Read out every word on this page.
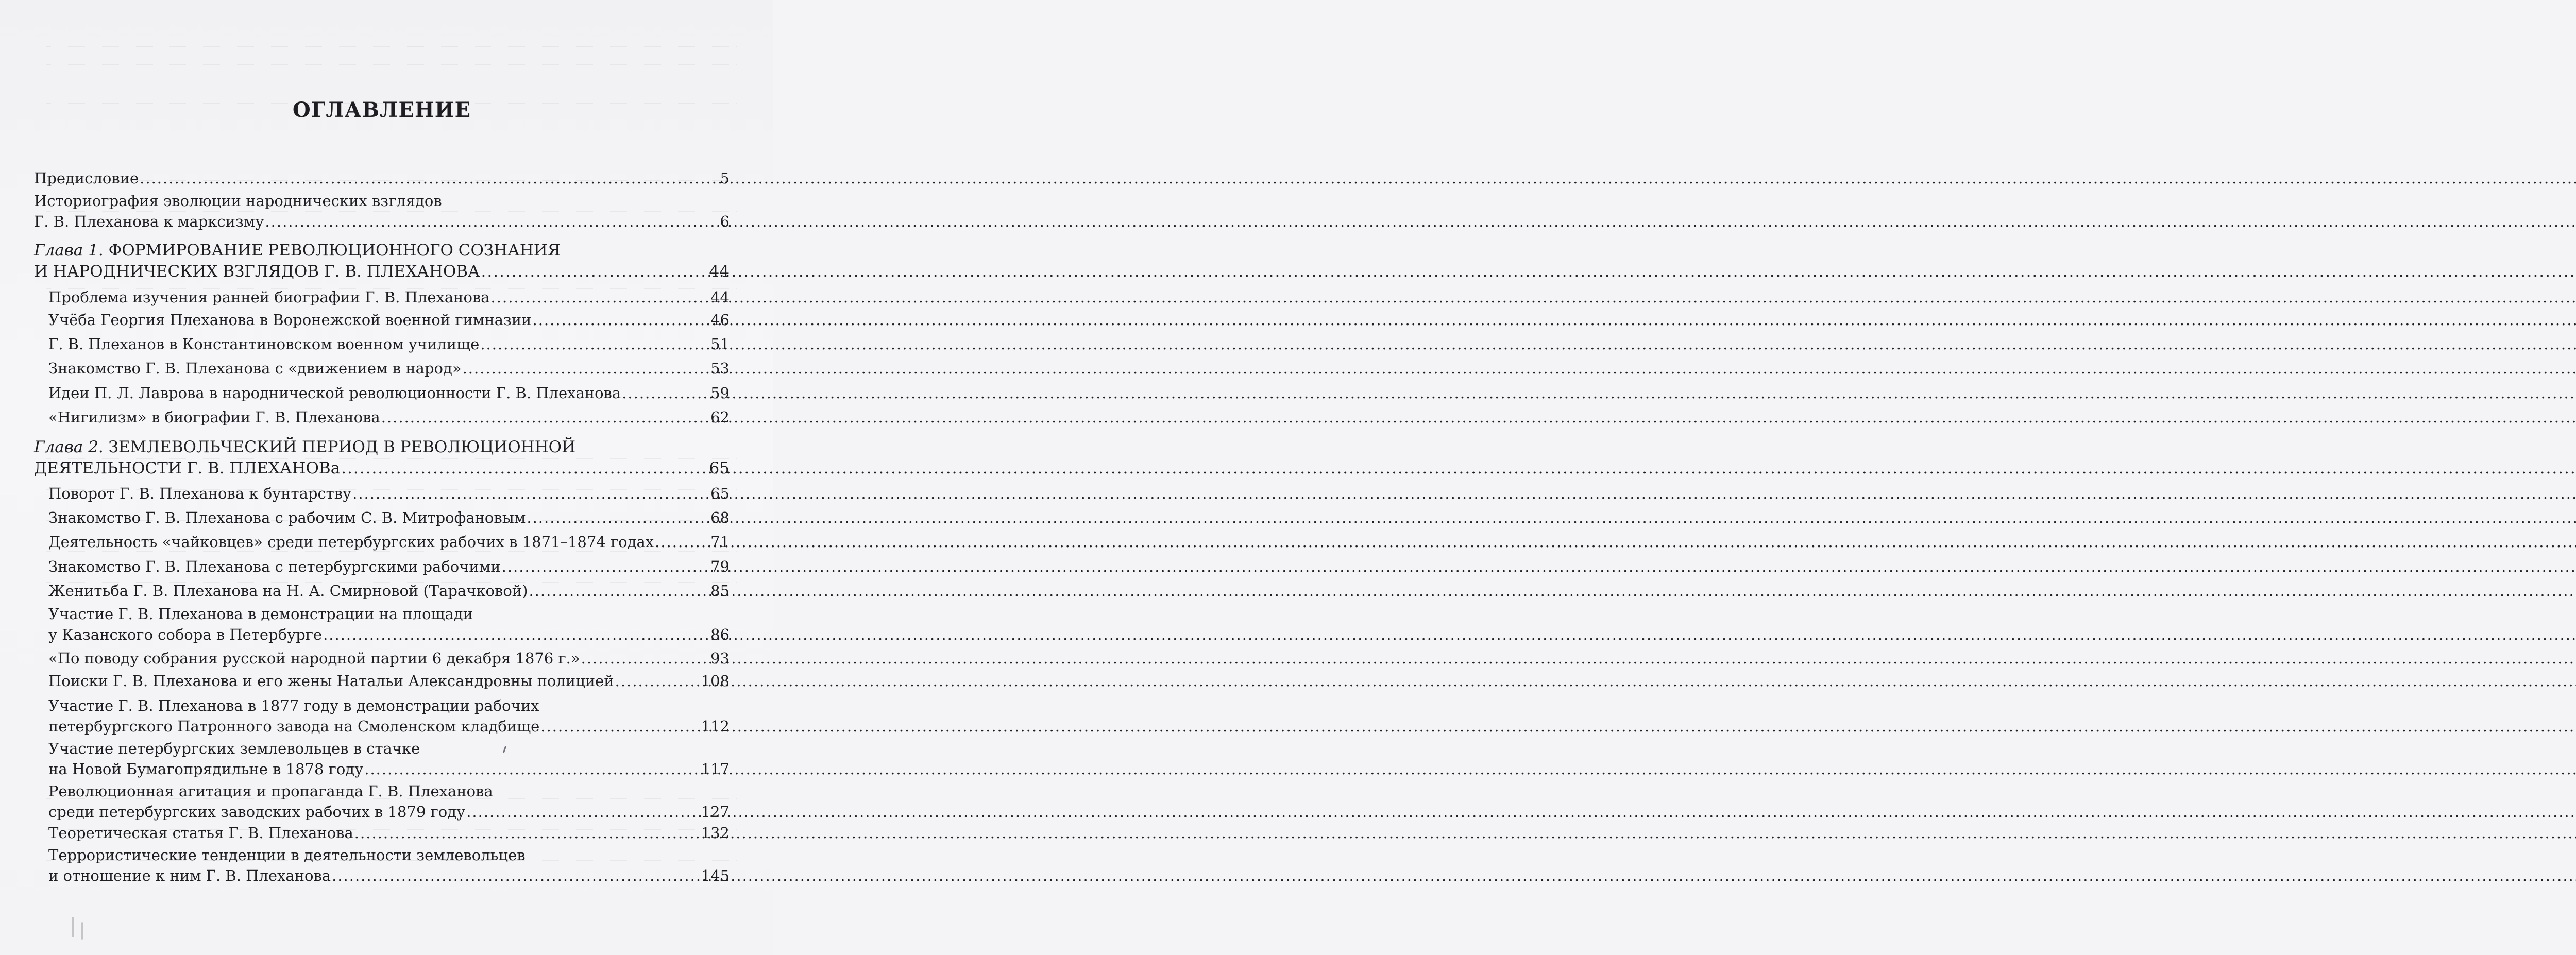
ОГЛАВЛЕНИЕ
Предисловие .....	5
Историография эволюции народнических взглядов
Г. В. Плеханова к марксизму .....	6
Глава 1. ФОРМИРОВАНИЕ РЕВОЛЮЦИОННОГО СОЗНАНИЯ
И НАРОДНИЧЕСКИХ ВЗГЛЯДОВ Г. В. ПЛЕХАНОВА .....	44
Проблема изучения ранней биографии Г. В. Плеханова .....	44
Учёба Георгия Плеханова в Воронежской военной гимназии .....	46
Г. В. Плеханов в Константиновском военном училище .....	51
Знакомство Г. В. Плеханова с «движением в народ» .....	53
Идеи П. Л. Лаврова в народнической революционности Г. В. Плеханова .....	59
«Нигилизм» в биографии Г. В. Плеханова .....	62
Глава 2. ЗЕМЛЕВОЛЬЧЕСКИЙ ПЕРИОД В РЕВОЛЮЦИОННОЙ
ДЕЯТЕЛЬНОСТИ Г. В. ПЛЕХАНОВа .....	65
Поворот Г. В. Плеханова к бунтарству .....	65
Знакомство Г. В. Плеханова с рабочим С. В. Митрофановым .....	68
Деятельность «чайковцев» среди петербургских рабочих в 1871–1874 годах .....	71
Знакомство Г. В. Плеханова с петербургскими рабочими .....	79
Женитьба Г. В. Плеханова на Н. А. Смирновой (Тарачковой) .....	85
Участие Г. В. Плеханова в демонстрации на площади
у Казанского собора в Петербурге .....	86
«По поводу собрания русской народной партии 6 декабря 1876 г.» .....	93
Поиски Г. В. Плеханова и его жены Натальи Александровны полицией .....	108
Участие Г. В. Плеханова в 1877 году в демонстрации рабочих
петербургского Патронного завода на Смоленском кладбище .....	112
Участие петербургских землевольцев в стачке
на Новой Бумагопрядильне в 1878 году .....	117
Революционная агитация и пропаганда Г. В. Плеханова
среди петербургских заводских рабочих в 1879 году .....	127
Теоретическая статья Г. В. Плеханова .....	132
Террористические тенденции в деятельности землевольцев
и отношение к ним Г. В. Плеханова .....	145
